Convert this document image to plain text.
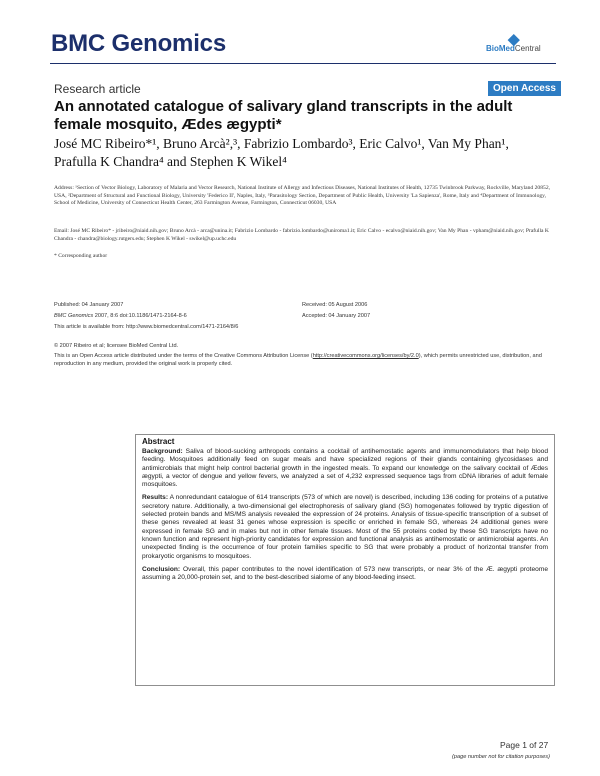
BMC Genomics	◆
BioMedCentral
Research article	Open Access
An annotated catalogue of salivary gland transcripts in the adult female mosquito, Ædes ægypti*
José MC Ribeiro*¹, Bruno Arcà²,³, Fabrizio Lombardo³, Eric Calvo¹, Van My Phan¹, Prafulla K Chandra⁴ and Stephen K Wikel⁴
Address: ¹Section of Vector Biology, Laboratory of Malaria and Vector Research, National Institute of Allergy and Infectious Diseases, National Institutes of Health, 12735 Twinbrook Parkway, Rockville, Maryland 20852, USA, ²Department of Structural and Functional Biology, University 'Federico II', Naples, Italy, ³Parasitology Section, Department of Public Health, University 'La Sapienza', Rome, Italy and ⁴Department of Immunology, School of Medicine, University of Connecticut Health Center, 263 Farmington Avenue, Farmington, Connecticut 06030, USA
Email: José MC Ribeiro* - jribeiro@niaid.nih.gov; Bruno Arcà - arca@unina.it; Fabrizio Lombardo - fabrizio.lombardo@uniroma1.it; Eric Calvo - ecalvo@niaid.nih.gov; Van My Phan - vpham@niaid.nih.gov; Prafulla K Chandra - chandra@biology.rutgers.edu; Stephen K Wikel - swikel@up.uchc.edu
* Corresponding author
Published: 04 January 2007
BMC Genomics 2007, 8:6 doi:10.1186/1471-2164-8-6
This article is available from: http://www.biomedcentral.com/1471-2164/8/6
Received: 05 August 2006
Accepted: 04 January 2007
© 2007 Ribeiro et al; licensee BioMed Central Ltd.
This is an Open Access article distributed under the terms of the Creative Commons Attribution License (http://creativecommons.org/licenses/by/2.0), which permits unrestricted use, distribution, and reproduction in any medium, provided the original work is properly cited.
Abstract

Background: Saliva of blood-sucking arthropods contains a cocktail of antihemostatic agents and immunomodulators that help blood feeding. Mosquitoes additionally feed on sugar meals and have specialized regions of their glands containing glycosidases and antimicrobials that might help control bacterial growth in the ingested meals. To expand our knowledge on the salivary cocktail of Ædes ægypti, a vector of dengue and yellow fevers, we analyzed a set of 4,232 expressed sequence tags from cDNA libraries of adult female mosquitoes.

Results: A nonredundant catalogue of 614 transcripts (573 of which are novel) is described, including 136 coding for proteins of a putative secretory nature. Additionally, a two-dimensional gel electrophoresis of salivary gland (SG) homogenates followed by tryptic digestion of selected protein bands and MS/MS analysis revealed the expression of 24 proteins. Analysis of tissue-specific transcription of a subset of these genes revealed at least 31 genes whose expression is specific or enriched in female SG, whereas 24 additional genes were expressed in female SG and in males but not in other female tissues. Most of the 55 proteins coded by these SG transcripts have no known function and represent high-priority candidates for expression and functional analysis as antihemostatic or antimicrobial agents. An unexpected finding is the occurrence of four protein families specific to SG that were probably a product of horizontal transfer from prokaryotic organisms to mosquitoes.

Conclusion: Overall, this paper contributes to the novel identification of 573 new transcripts, or near 3% of the Æ. ægypti proteome assuming a 20,000-protein set, and to the best-described sialome of any blood-feeding insect.

Page 1 of 27
(page number not for citation purposes)
